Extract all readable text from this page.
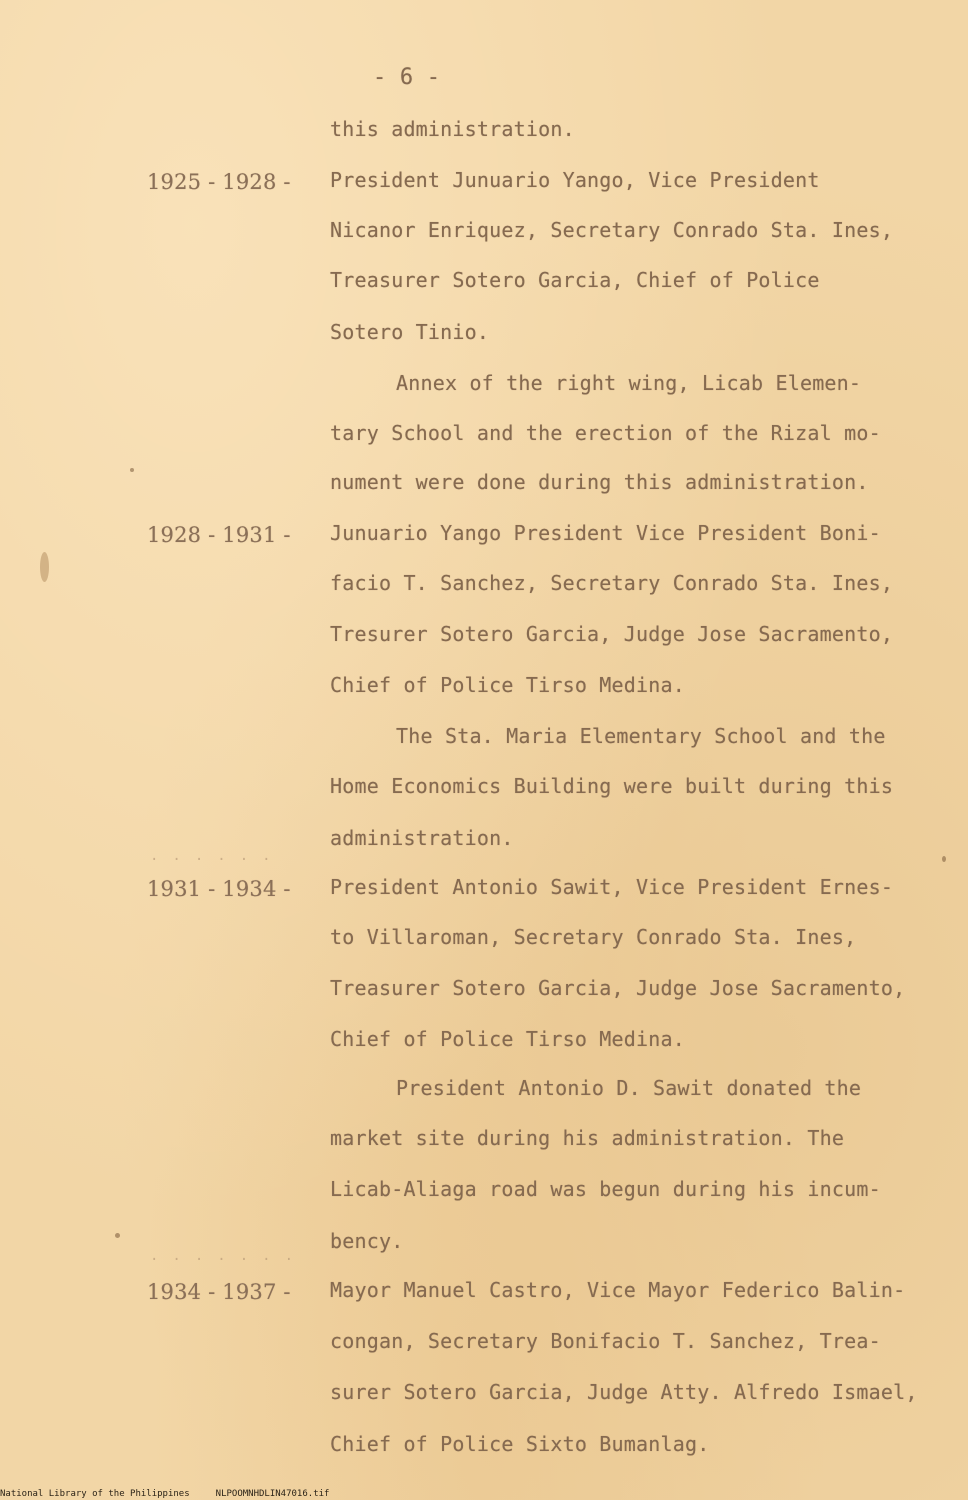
·······
······
- 6 -
this administration.
1925 - 1928 - President Junuario Yango, Vice President
Nicanor Enriquez, Secretary Conrado Sta. Ines,
Treasurer Sotero Garcia, Chief of Police
Sotero Tinio.
Annex of the right wing, Licab Elemen-
tary School and the erection of the Rizal mo-
nument were done during this administration.
1928 - 1931 - Junuario Yango President Vice President Boni-
facio T. Sanchez, Secretary Conrado Sta. Ines,
Tresurer Sotero Garcia, Judge Jose Sacramento,
Chief of Police Tirso Medina.
The Sta. Maria Elementary School and the
Home Economics Building were built during this
administration.
1931 - 1934 - President Antonio Sawit, Vice President Ernes-
to Villaroman, Secretary Conrado Sta. Ines,
Treasurer Sotero Garcia, Judge Jose Sacramento,
Chief of Police Tirso Medina.
President Antonio D. Sawit donated the
market site during his administration. The
Licab-Aliaga road was begun during his incum-
bency.
1934 - 1937 - Mayor Manuel Castro, Vice Mayor Federico Balin-
congan, Secretary Bonifacio T. Sanchez, Trea-
surer Sotero Garcia, Judge Atty. Alfredo Ismael,
Chief of Police Sixto Bumanlag.
National Library of the Philippines	NLPOOMNHDLIN47016.tif
